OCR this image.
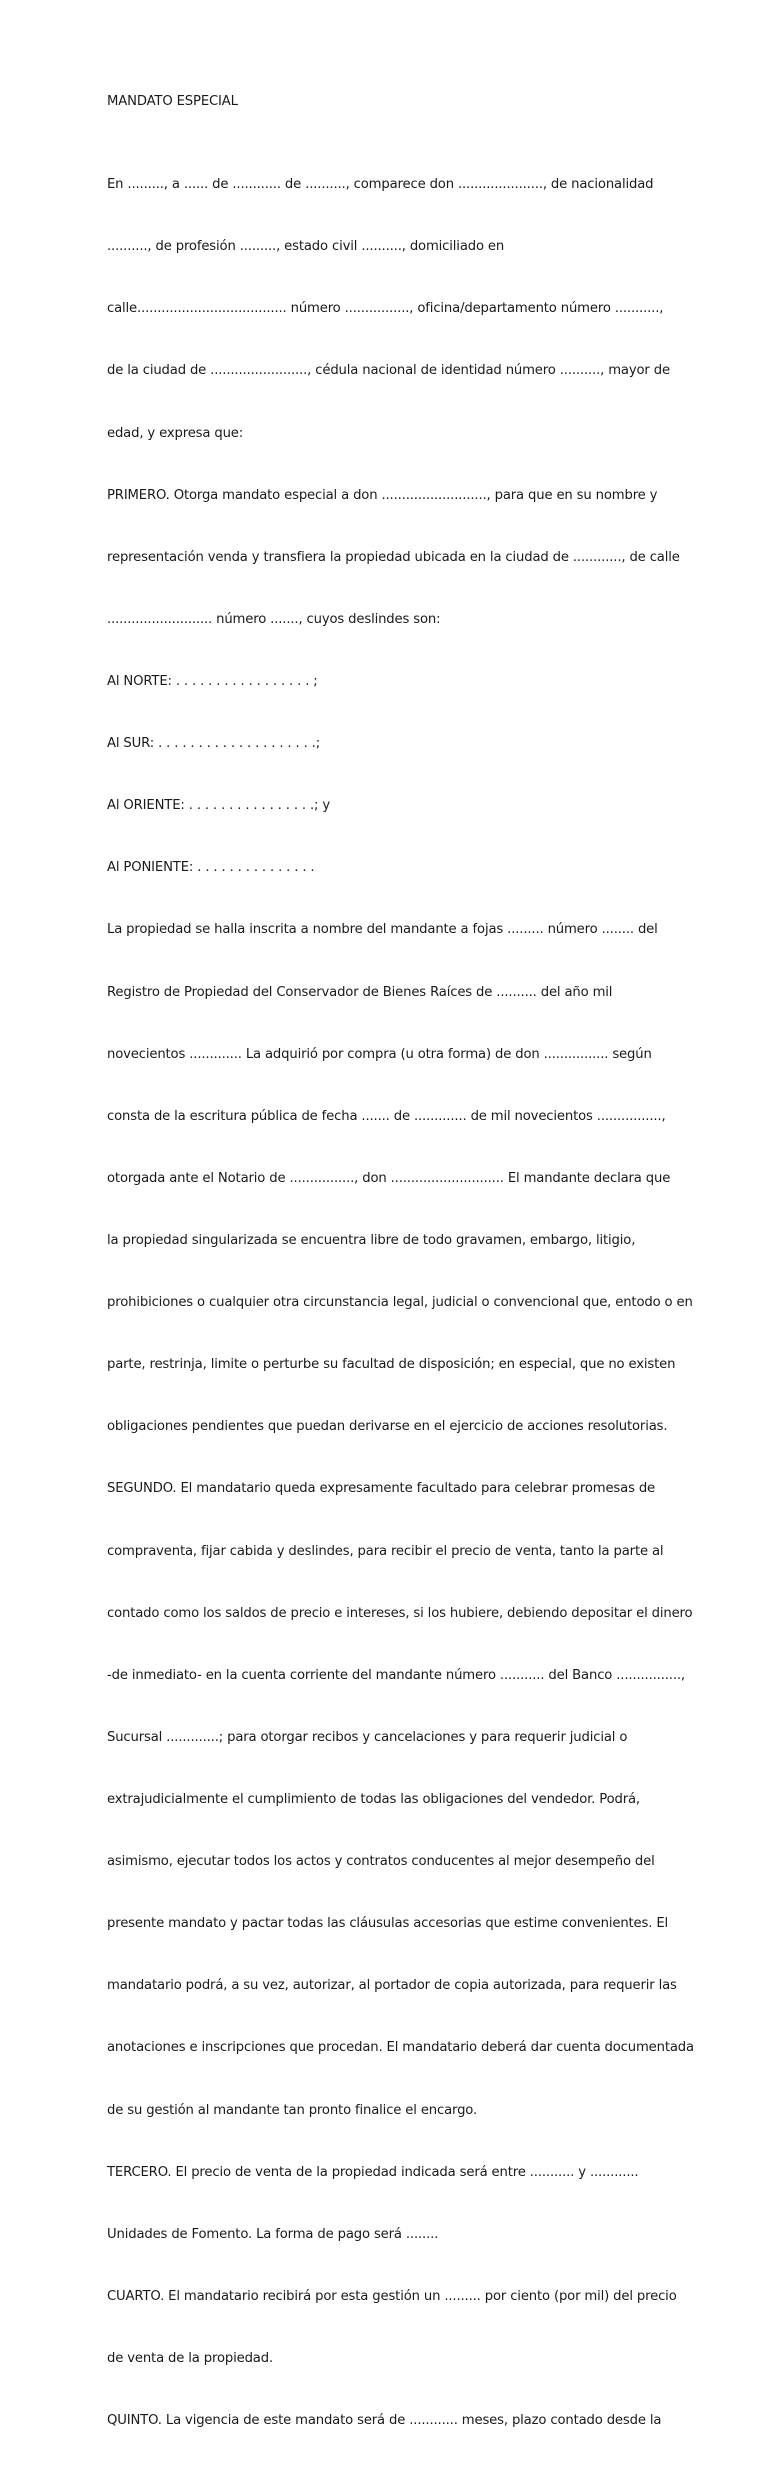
MANDATO ESPECIAL

En ........., a ...... de ............ de .........., comparece don ....................., de nacionalidad

.........., de profesión ........., estado civil .........., domiciliado en

calle..................................... número ................, oficina/departamento número ...........,

de la ciudad de ........................, cédula nacional de identidad número .........., mayor de

edad, y expresa que:

PRIMERO. Otorga mandato especial a don .........................., para que en su nombre y

representación venda y transfiera la propiedad ubicada en la ciudad de ............, de calle

.......................... número ......., cuyos deslindes son:

Al NORTE: . . . . . . . . . . . . . . . . . ;

Al SUR: . . . . . . . . . . . . . . . . . . . .;

Al ORIENTE: . . . . . . . . . . . . . . . .; y

Al PONIENTE: . . . . . . . . . . . . . . .

La propiedad se halla inscrita a nombre del mandante a fojas ......... número ........ del

Registro de Propiedad del Conservador de Bienes Raíces de .......... del año mil

novecientos ............. La adquirió por compra (u otra forma) de don ................ según

consta de la escritura pública de fecha ....... de ............. de mil novecientos ................,

otorgada ante el Notario de ................, don ............................ El mandante declara que

la propiedad singularizada se encuentra libre de todo gravamen, embargo, litigio,

prohibiciones o cualquier otra circunstancia legal, judicial o convencional que, entodo o en

parte, restrinja, limite o perturbe su facultad de disposición; en especial, que no existen

obligaciones pendientes que puedan derivarse en el ejercicio de acciones resolutorias.

SEGUNDO. El mandatario queda expresamente facultado para celebrar promesas de

compraventa, fijar cabida y deslindes, para recibir el precio de venta, tanto la parte al

contado como los saldos de precio e intereses, si los hubiere, debiendo depositar el dinero

-de inmediato- en la cuenta corriente del mandante número ........... del Banco ................,

Sucursal .............; para otorgar recibos y cancelaciones y para requerir judicial o

extrajudicialmente el cumplimiento de todas las obligaciones del vendedor. Podrá,

asimismo, ejecutar todos los actos y contratos conducentes al mejor desempeño del

presente mandato y pactar todas las cláusulas accesorias que estime convenientes. El

mandatario podrá, a su vez, autorizar, al portador de copia autorizada, para requerir las

anotaciones e inscripciones que procedan. El mandatario deberá dar cuenta documentada

de su gestión al mandante tan pronto finalice el encargo.

TERCERO. El precio de venta de la propiedad indicada será entre ........... y ............

Unidades de Fomento. La forma de pago será ........

CUARTO. El mandatario recibirá por esta gestión un ......... por ciento (por mil) del precio

de venta de la propiedad.

QUINTO. La vigencia de este mandato será de ............ meses, plazo contado desde la
